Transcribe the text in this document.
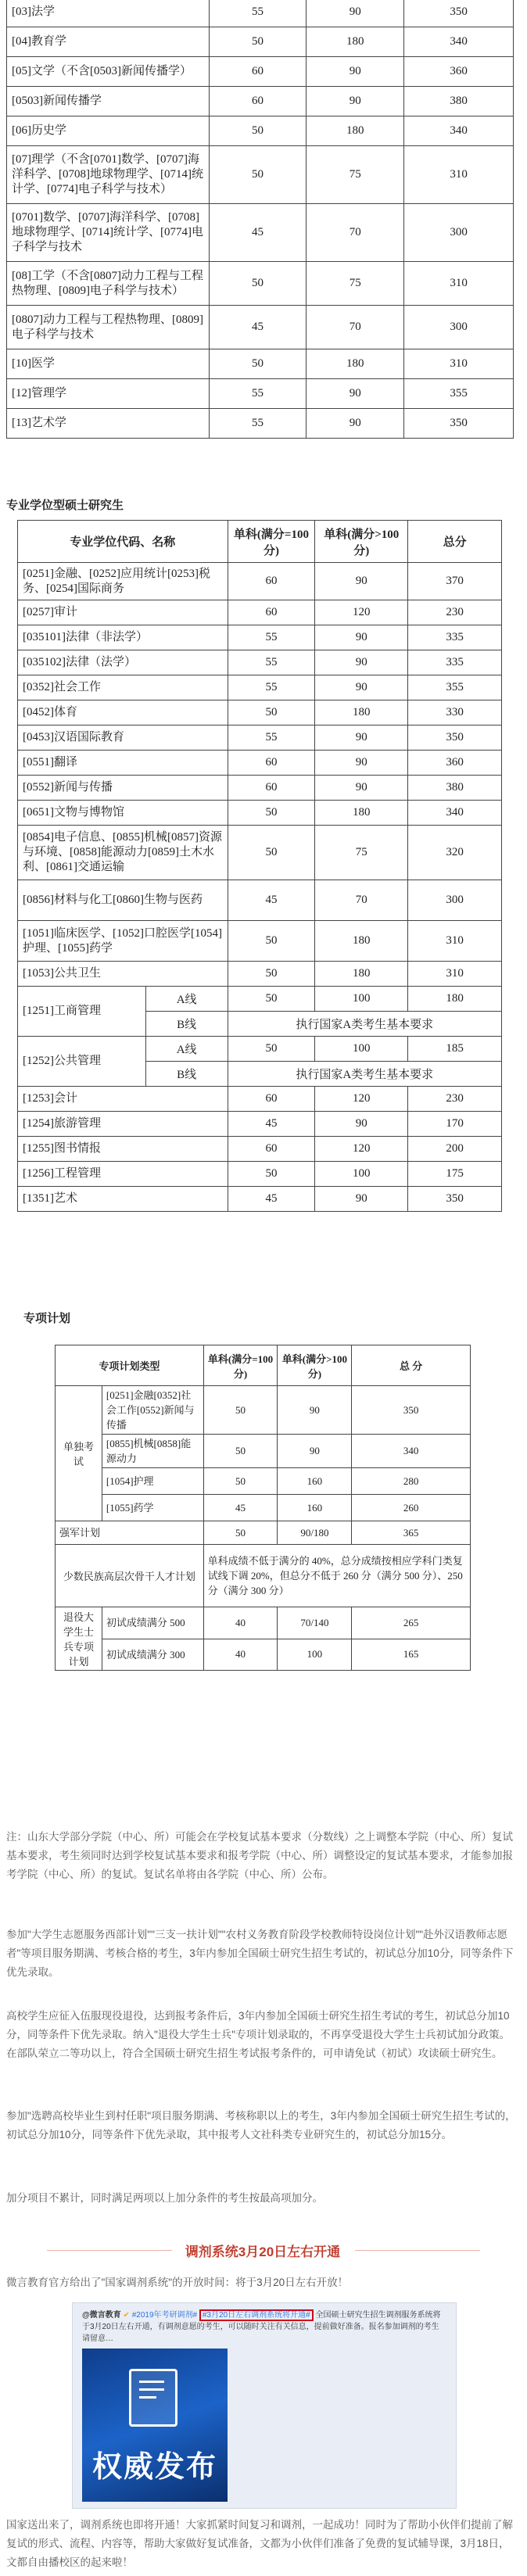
[03]法学	55	90	350
[04]教育学	50	180	340
[05]文学（不含[0503]新闻传播学）	60	90	360
[0503]新闻传播学	60	90	380
[06]历史学	50	180	340
[07]理学（不含[0701]数学、[0707]海洋科学、[0708]地球物理学、[0714]统计学、[0774]电子科学与技术）	50	75	310
[0701]数学、[0707]海洋科学、[0708]地球物理学、[0714]统计学、[0774]电子科学与技术	45	70	300
[08]工学（不含[0807]动力工程与工程热物理、[0809]电子科学与技术）	50	75	310
[0807]动力工程与工程热物理、[0809]电子科学与技术	45	70	300
[10]医学	50	180	310
[12]管理学	55	90	355
[13]艺术学	55	90	350
专业学位型硕士研究生
专业学位代码、名称		单科(满分=100分)	单科(满分>100分)	总分
[0251]金融、[0252]应用统计[0253]税务、[0254]国际商务		60	90	370
[0257]审计		60	120	230
[035101]法律（非法学）		55	90	335
[035102]法律（法学）		55	90	335
[0352]社会工作		55	90	355
[0452]体育		50	180	330
[0453]汉语国际教育		55	90	350
[0551]翻译		60	90	360
[0552]新闻与传播		60	90	380
[0651]文物与博物馆		50	180	340
[0854]电子信息、[0855]机械[0857]资源与环境、[0858]能源动力[0859]土木水利、[0861]交通运输		50	75	320
[0856]材料与化工[0860]生物与医药		45	70	300
[1051]临床医学、[1052]口腔医学[1054]护理、[1055]药学		50	180	310
[1053]公共卫生		50	180	310
[1251]工商管理	A线	50	100	180
	B线	执行国家A类考生基本要求		
[1252]公共管理	A线	50	100	185
	B线	执行国家A类考生基本要求		
[1253]会计		60	120	230
[1254]旅游管理		45	90	170
[1255]图书情报		60	120	200
[1256]工程管理		50	100	175
[1351]艺术		45	90	350
专项计划
专项计划类型		单科(满分=100分)	单科(满分>100分)	总 分
单独考试	[0251]金融[0352]社会工作[0552]新闻与传播	50	90	350
	[0855]机械[0858]能源动力	50	90	340
	[1054]护理	50	160	280
	[1055]药学	45	160	260
强军计划		50	90/180	365
少数民族高层次骨干人才计划		单科成绩不低于满分的 40%，总分成绩按相应学科门类复试线下调 20%，但总分不低于 260 分（满分 500 分）、250 分（满分 300 分）		
退役大学生士兵专项计划	初试成绩满分 500	40	70/140	265
	初试成绩满分 300	40	100	165
注：山东大学部分学院（中心、所）可能会在学校复试基本要求（分数线）之上调整本学院（中心、所）复试基本要求，考生须同时达到学校复试基本要求和报考学院（中心、所）调整设定的复试基本要求，才能参加报考学院（中心、所）的复试。复试名单将由各学院（中心、所）公布。
参加"大学生志愿服务西部计划""三支一扶计划""农村义务教育阶段学校教师特设岗位计划""赴外汉语教师志愿者"等项目服务期满、考核合格的考生，3年内参加全国硕士研究生招生考试的，初试总分加10分，同等条件下优先录取。
高校学生应征入伍服现役退役，达到报考条件后，3年内参加全国硕士研究生招生考试的考生，初试总分加10分，同等条件下优先录取。纳入"退役大学生士兵"专项计划录取的，不再享受退役大学生士兵初试加分政策。在部队荣立二等功以上，符合全国硕士研究生招生考试报考条件的，可申请免试（初试）攻读硕士研究生。
参加"选聘高校毕业生到村任职"项目服务期满、考核称职以上的考生，3年内参加全国硕士研究生招生考试的，初试总分加10分，同等条件下优先录取，其中报考人文社科类专业研究生的，初试总分加15分。
加分项目不累计，同时满足两项以上加分条件的考生按最高项加分。
调剂系统3月20日左右开通
微言教育官方给出了"国家调剂系统"的开放时间：将于3月20日左右开放！
@微言教育 ✔ #2019年考研调剂# #3月20日左右调剂系统将开通# 全国硕士研究生招生调剂服务系统将于3月20日左右开通，有调剂意愿的考生，可以随时关注有关信息，提前做好准备。报名参加调剂的考生请留意…
权威发布
国家送出来了，调剂系统也即将开通！大家抓紧时间复习和调剂，一起成功！同时为了帮助小伙伴们提前了解复试的形式、流程、内容等，帮助大家做好复试准备，文都为小伙伴们准备了免费的复试辅导课，3月18日，文都自由播校区的起来啦！
